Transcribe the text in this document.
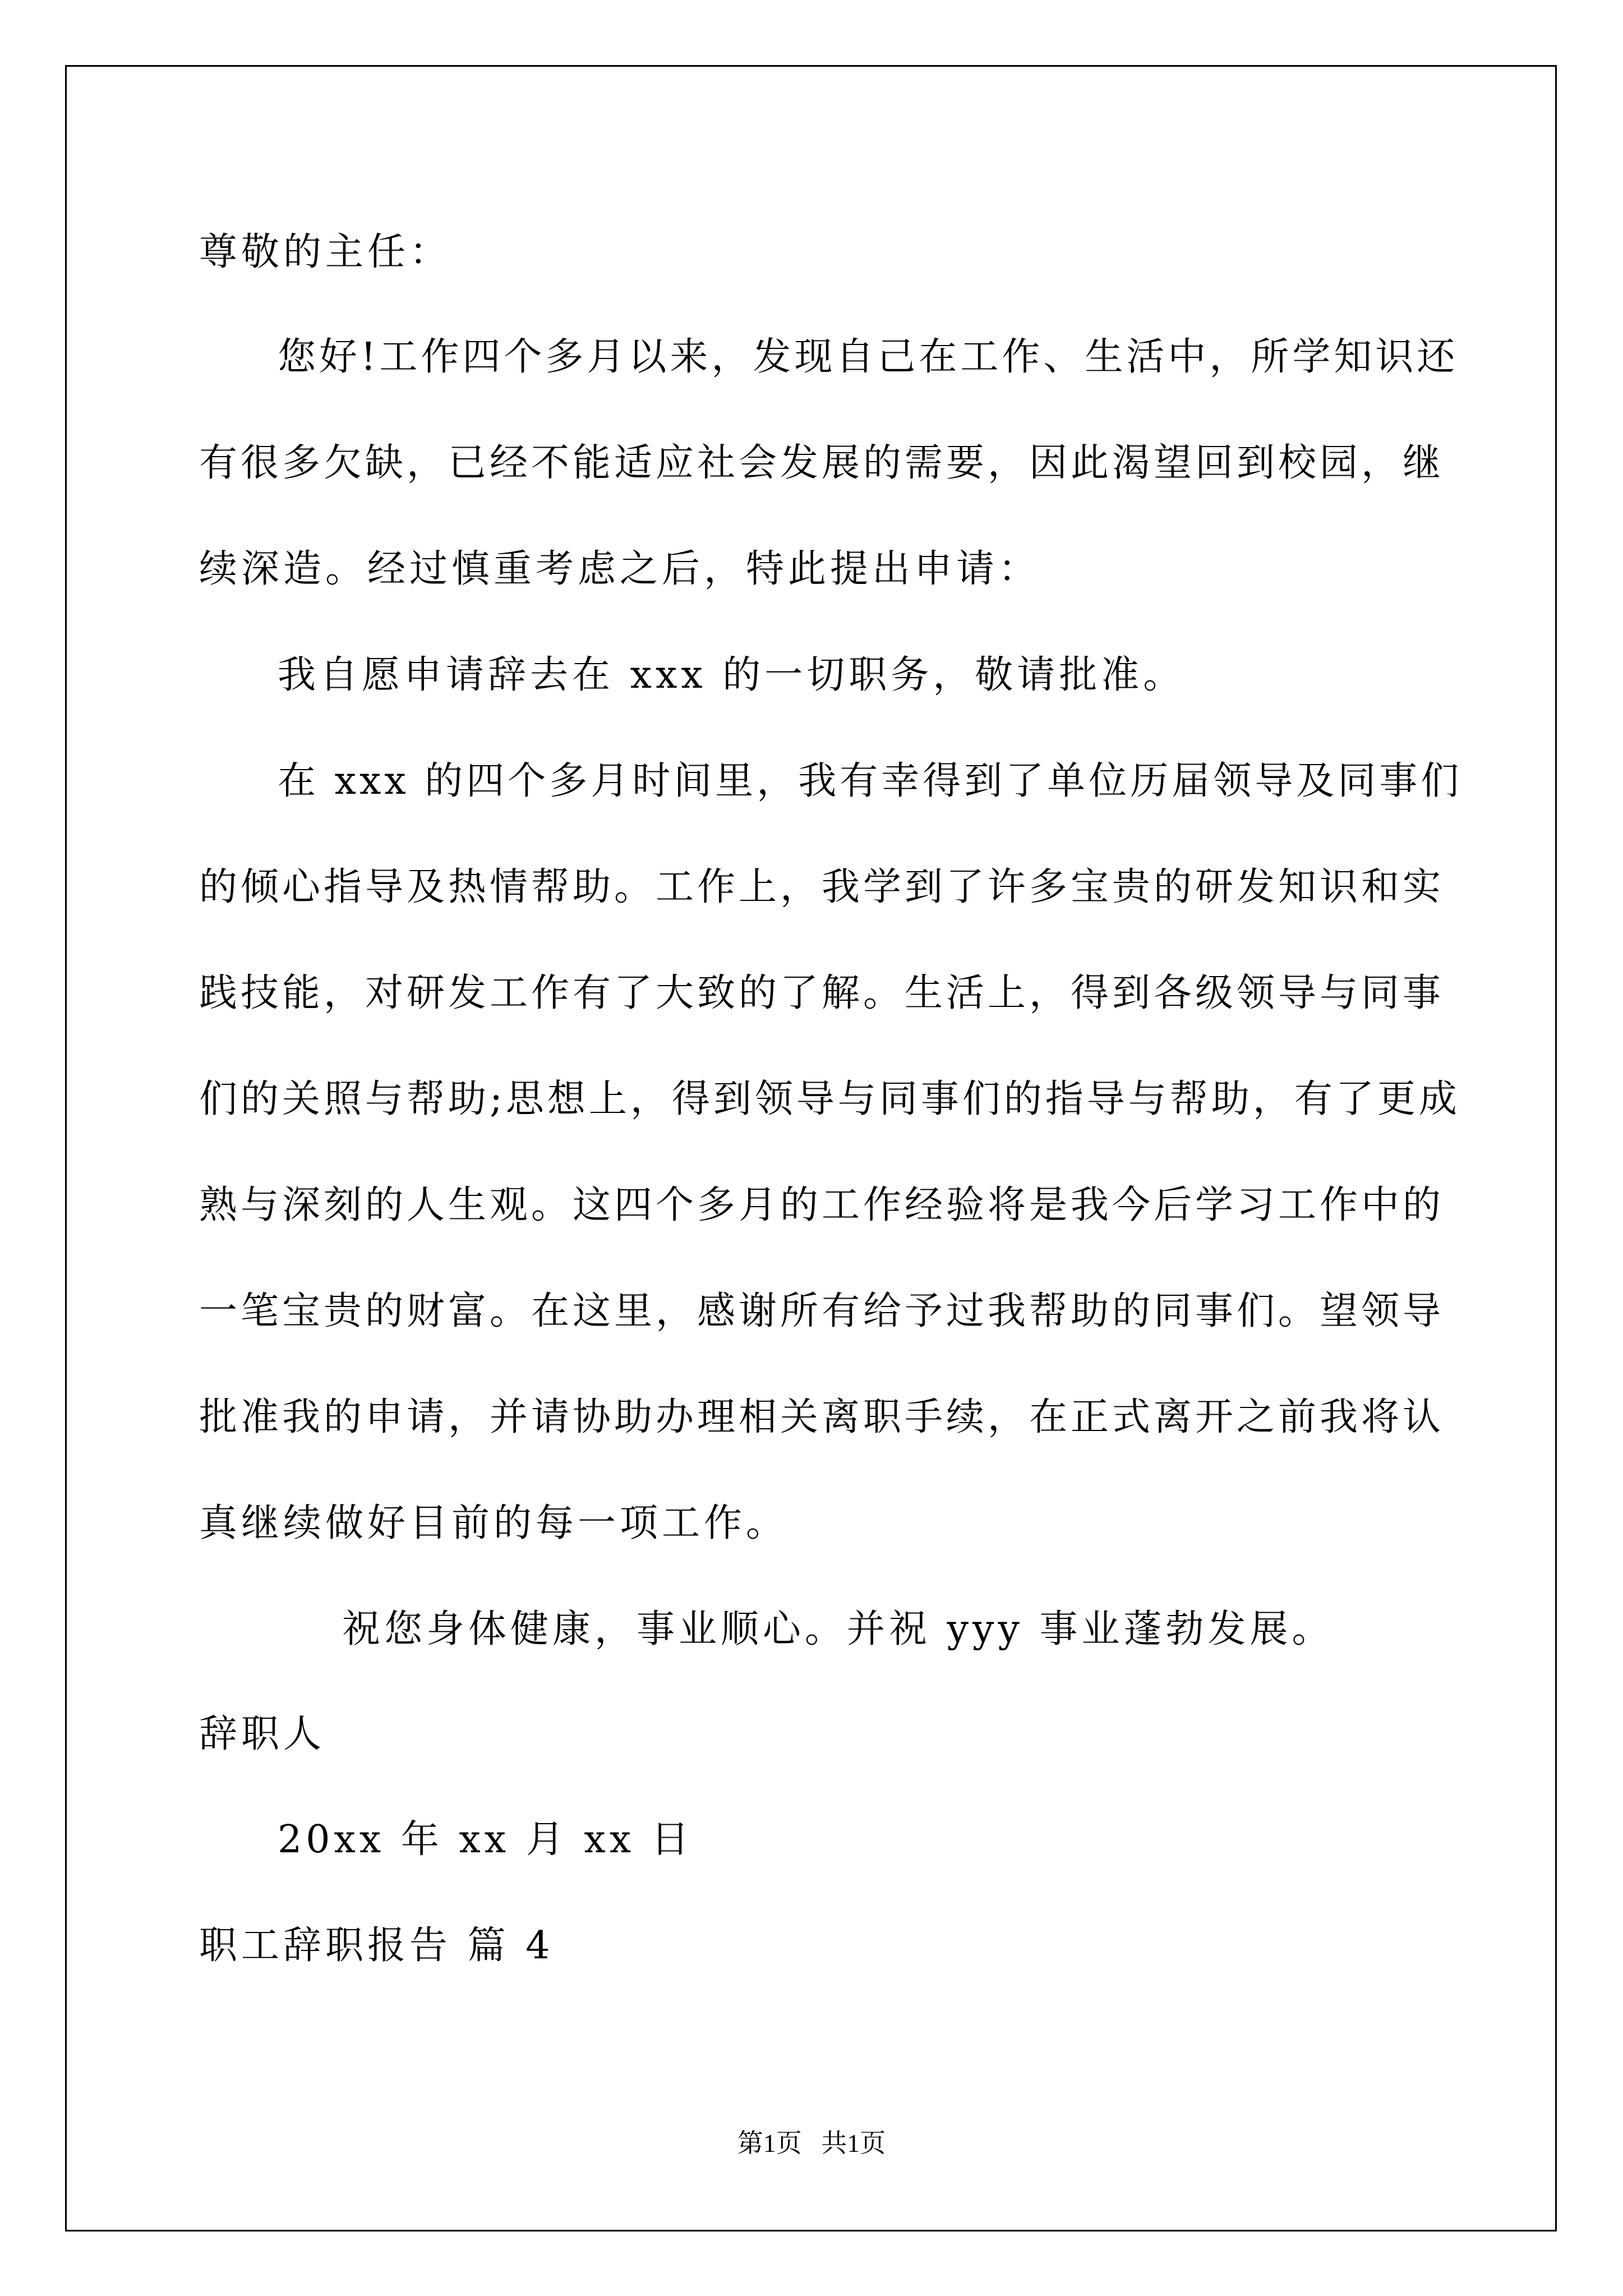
尊敬的主任：
您好!工作四个多月以来，发现自己在工作、生活中，所学知识还
有很多欠缺，已经不能适应社会发展的需要，因此渴望回到校园，继
续深造。经过慎重考虑之后，特此提出申请：
我自愿申请辞去在 xxx 的一切职务，敬请批准。
在 xxx 的四个多月时间里，我有幸得到了单位历届领导及同事们
的倾心指导及热情帮助。工作上，我学到了许多宝贵的研发知识和实
践技能，对研发工作有了大致的了解。生活上，得到各级领导与同事
们的关照与帮助;思想上，得到领导与同事们的指导与帮助，有了更成
熟与深刻的人生观。这四个多月的工作经验将是我今后学习工作中的
一笔宝贵的财富。在这里，感谢所有给予过我帮助的同事们。望领导
批准我的申请，并请协助办理相关离职手续，在正式离开之前我将认
真继续做好目前的每一项工作。
祝您身体健康，事业顺心。并祝 yyy 事业蓬勃发展。
辞职人
20xx 年 xx 月 xx 日
职工辞职报告 篇 4
第1页   共1页
